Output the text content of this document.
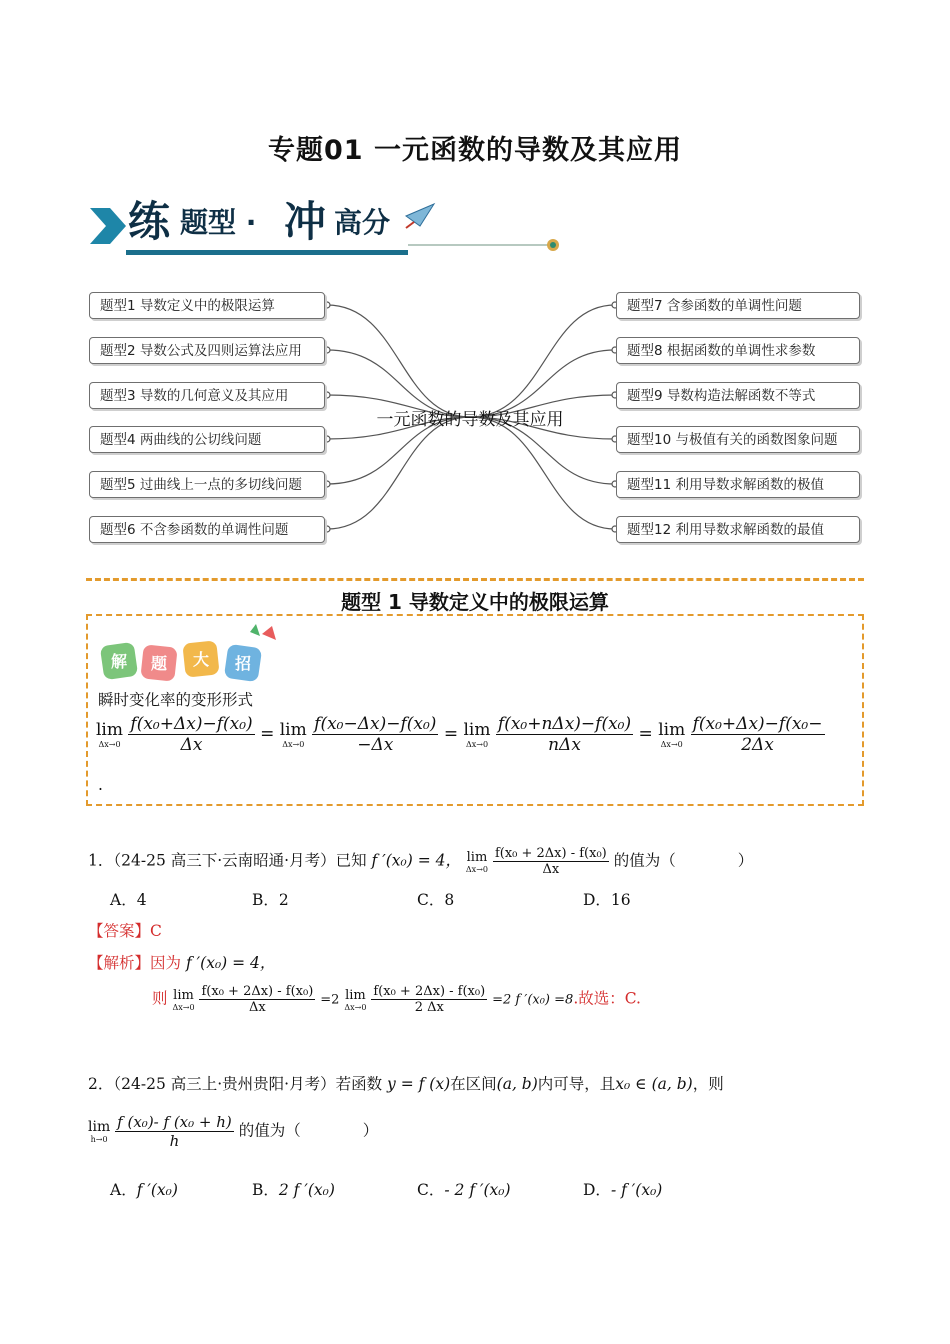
专题01 一元函数的导数及其应用
练 题型 · 冲 高分
一元函数的导数及其应用
题型1 导数定义中的极限运算
题型2 导数公式及四则运算法应用
题型3 导数的几何意义及其应用
题型4 两曲线的公切线问题
题型5 过曲线上一点的多切线问题
题型6 不含参函数的单调性问题
题型7 含参函数的单调性问题
题型8 根据函数的单调性求参数
题型9 导数构造法解函数不等式
题型10 与极值有关的函数图象问题
题型11 利用导数求解函数的极值
题型12 利用导数求解函数的最值
题型 1 导数定义中的极限运算
解 题 大 招
瞬时变化率的变形形式
lim
Δx→0
$\frac{\text{f(x₀+Δx)−f(x₀)}}{\Delta x} = \lim$
Δx→0
$\frac{\text{f(x₀−Δx)−f(x₀)}}{-\Delta x} = \lim$
Δx→0
$\frac{\text{f(x₀+nΔx)−f(x₀)}}{\text{nΔx}} = \lim$
Δx→0
$\frac{\text{f(x₀+Δx)−f(x₀−}}{2\Delta x}$
.
1．（24-25 高三下·云南昭通·月考）已知 f ′(x₀) = 4， lim
Δx→0
$\frac{\text{f(x₀ + 2Δx) - f(x₀)}}{\Delta x}$ 的值为（　　　　）
A．4	B．2	C．8	D．16
【答案】C
【解析】因为 f ′(x₀) = 4，
则 lim
Δx→0
$\frac{\text{f(x₀ + 2Δx) - f(x₀)}}{\Delta x} =2$ lim
Δx→0
$\frac{\text{f(x₀ + 2Δx) - f(x₀)}}{2 \Delta x} =2$ f ′(x₀) =8.故选：C.
2．（24-25 高三上·贵州贵阳·月考）若函数 y = f (x)在区间(a, b)内可导，且x₀ ∈ (a, b)，则
lim
h→0
$\frac{\text{f (x₀)- f (x₀ + h)}}{h}$ 的值为（　　　　）
A．f ′(x₀)	B．2 f ′(x₀)	C．- 2 f ′(x₀)	D．- f ′(x₀)
